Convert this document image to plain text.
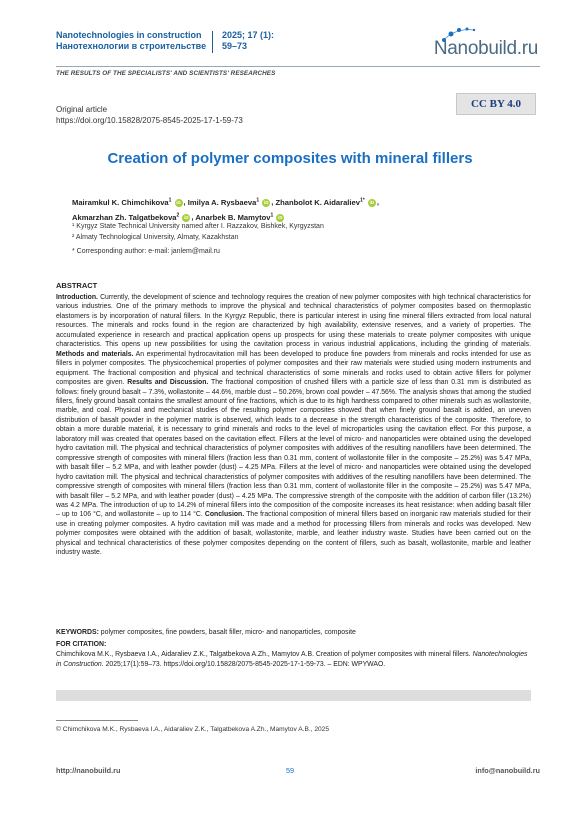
Nanotechnologies in construction
Нанотехнологии в строительстве
2025; 17 (1):
59–73	Nanobuild.ru
THE RESULTS OF THE SPECIALISTS' AND SCIENTISTS' RESEARCHES
Original article
https://doi.org/10.15828/2075-8545-2025-17-1-59-73
CC BY 4.0
Creation of polymer composites with mineral fillers
Mairamkul K. Chimchikova$^1$ iD , Imilya A. Rysbaeva$^1$ iD , Zhanbolot K. Aidaraliev$^{1*}$ iD ,
Akmarzhan Zh. Talgatbekova$^2$ iD , Anarbek B. Mamytov$^1$ iD
¹ Kyrgyz State Technical University named after I. Razzakov, Bishkek, Kyrgyzstan
² Almaty Technological University, Almaty, Kazakhstan
* Corresponding author: e-mail: janlem@mail.ru
ABSTRACT
Introduction. Currently, the development of science and technology requires the creation of new polymer composites with high technical characteristics for various industries. One of the primary methods to improve the physical and technical characteristics of polymer composites based on thermoplastic elastomers is by incorporation of natural fillers. In the Kyrgyz Republic, there is particular interest in using fine mineral fillers extracted from local natural resources. The minerals and rocks found in the region are characterized by high availability, extensive reserves, and a variety of properties. The accumulated experience in research and practical application opens up prospects for using these materials to create polymer composites with unique characteristics. This opens up new possibilities for using the cavitation process in various industrial applications, including the grinding of materials. Methods and materials. An experimental hydrocavitation mill has been developed to produce fine powders from minerals and rocks intended for use as fillers in polymer composites. The physicochemical properties of polymer composites and their raw materials were studied using modern instruments and equipment. The fractional composition and physical and technical characteristics of some minerals and rocks used to obtain active fillers for polymer composites are given. Results and Discussion. The fractional composition of crushed fillers with a particle size of less than 0.31 mm is distributed as follows: finely ground basalt – 7.3%, wollastonite – 44.6%, marble dust – 50.26%, brown coal powder – 47.56%. The analysis shows that among the studied fillers, finely ground basalt contains the smallest amount of fine fractions, which is due to its high hardness compared to other minerals such as wollastonite, marble, and coal. Physical and mechanical studies of the resulting polymer composites showed that when finely ground basalt is added, an uneven distribution of basalt powder in the polymer matrix is observed, which leads to a decrease in the strength characteristics of the composite. Therefore, to obtain a more durable material, it is necessary to grind minerals and rocks to the level of microparticles using the cavitation effect. For this purpose, a laboratory mill was created that operates based on the cavitation effect. Fillers at the level of micro- and nanoparticles were obtained using the developed hydro cavitation mill. The physical and technical characteristics of polymer composites with additives of the resulting nanofillers have been determined. The compressive strength of composites with mineral fillers (fraction less than 0.31 mm, content of wollastonite filler in the composite – 25.2%) was 5.47 MPa, with basalt filler – 5.2 MPa, and with leather powder (dust) – 4.25 MPa. Fillers at the level of micro- and nanoparticles were obtained using the developed hydro cavitation mill. The physical and technical characteristics of polymer composites with additives of the resulting nanofillers have been determined. The compressive strength of composites with mineral fillers (fraction less than 0.31 mm, content of wollastonite filler in the composite – 25.2%) was 5.47 MPa, with basalt filler – 5.2 MPa, and with leather powder (dust) – 4.25 MPa. The compressive strength of the composite with the addition of carbon filler (13.2%) was 4.2 MPa. The introduction of up to 14.2% of mineral fillers into the composition of the composite increases its heat resistance: when adding basalt filler – up to 106 °C, and wollastonite – up to 114 °C. Conclusion. The fractional composition of mineral fillers based on inorganic raw materials studied for their use in creating polymer composites. A hydro cavitation mill was made and a method for processing fillers from minerals and rocks was developed. New polymer composites were obtained with the addition of basalt, wollastonite, marble, and leather industry waste. Studies have been carried out on the physical and technical characteristics of these polymer composites depending on the content of fillers, such as basalt, wollastonite, marble and leather industry waste.
KEYWORDS: polymer composites, fine powders, basalt filler, micro- and nanoparticles, composite
FOR CITATION:
Chimchikova M.K., Rysbaeva I.A., Aidaraliev Z.K., Talgatbekova A.Zh., Mamytov A.B. Creation of polymer composites with mineral fillers. Nanotechnologies in Construction. 2025;17(1):59–73. https://doi.org/10.15828/2075-8545-2025-17-1-59-73. – EDN: WPYWAO.
© Chimchikova M.K., Rysbaeva I.A., Aidaraliev Z.K., Talgatbekova A.Zh., Mamytov A.B., 2025
http://nanobuild.ru	59	info@nanobuild.ru
